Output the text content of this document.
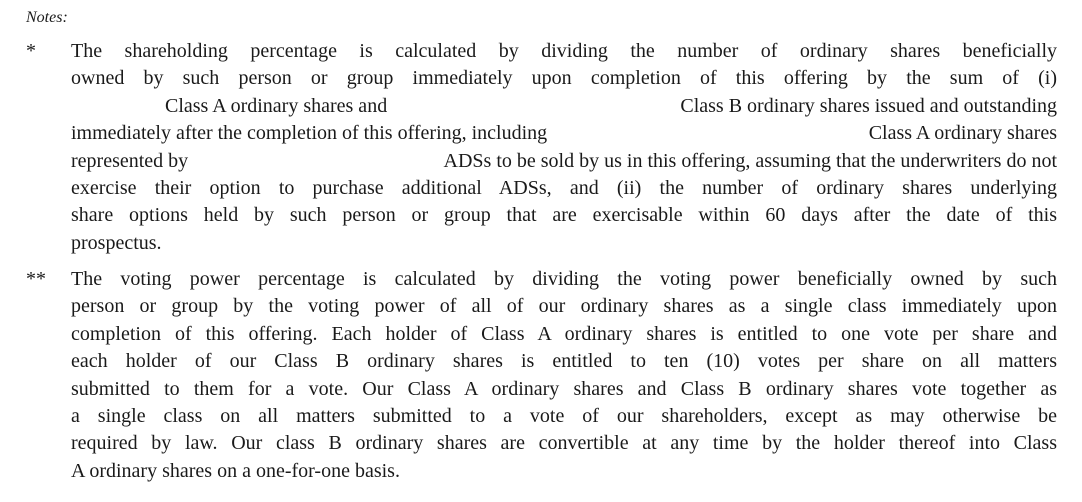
Notes:
* The shareholding percentage is calculated by dividing the number of ordinary shares beneficially
owned by such person or group immediately upon completion of this offering by the sum of (i)
Class A ordinary shares and	Class B ordinary shares issued and outstanding
immediately after the completion of this offering, including	Class A ordinary shares
represented by	ADSs to be sold by us in this offering, assuming that the underwriters do not
exercise their option to purchase additional ADSs, and (ii) the number of ordinary shares underlying
share options held by such person or group that are exercisable within 60 days after the date of this
prospectus.
** The voting power percentage is calculated by dividing the voting power beneficially owned by such
person or group by the voting power of all of our ordinary shares as a single class immediately upon
completion of this offering. Each holder of Class A ordinary shares is entitled to one vote per share and
each holder of our Class B ordinary shares is entitled to ten (10) votes per share on all matters
submitted to them for a vote. Our Class A ordinary shares and Class B ordinary shares vote together as
a single class on all matters submitted to a vote of our shareholders, except as may otherwise be
required by law. Our class B ordinary shares are convertible at any time by the holder thereof into Class
A ordinary shares on a one-for-one basis.
